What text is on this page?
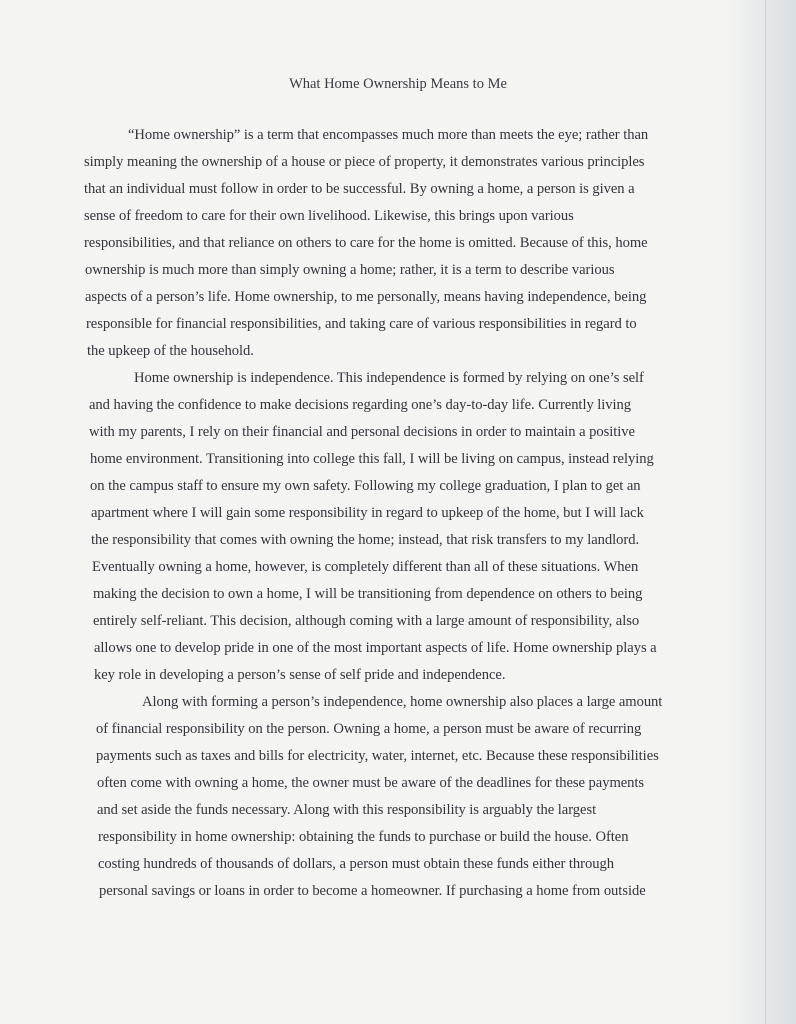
What Home Ownership Means to Me
“Home ownership” is a term that encompasses much more than meets the eye; rather than
simply meaning the ownership of a house or piece of property, it demonstrates various principles
that an individual must follow in order to be successful. By owning a home, a person is given a
sense of freedom to care for their own livelihood. Likewise, this brings upon various
responsibilities, and that reliance on others to care for the home is omitted. Because of this, home
ownership is much more than simply owning a home; rather, it is a term to describe various
aspects of a person’s life. Home ownership, to me personally, means having independence, being
responsible for financial responsibilities, and taking care of various responsibilities in regard to
the upkeep of the household.
Home ownership is independence. This independence is formed by relying on one’s self
and having the confidence to make decisions regarding one’s day-to-day life. Currently living
with my parents, I rely on their financial and personal decisions in order to maintain a positive
home environment. Transitioning into college this fall, I will be living on campus, instead relying
on the campus staff to ensure my own safety. Following my college graduation, I plan to get an
apartment where I will gain some responsibility in regard to upkeep of the home, but I will lack
the responsibility that comes with owning the home; instead, that risk transfers to my landlord.
Eventually owning a home, however, is completely different than all of these situations. When
making the decision to own a home, I will be transitioning from dependence on others to being
entirely self-reliant. This decision, although coming with a large amount of responsibility, also
allows one to develop pride in one of the most important aspects of life. Home ownership plays a
key role in developing a person’s sense of self pride and independence.
Along with forming a person’s independence, home ownership also places a large amount
of financial responsibility on the person. Owning a home, a person must be aware of recurring
payments such as taxes and bills for electricity, water, internet, etc. Because these responsibilities
often come with owning a home, the owner must be aware of the deadlines for these payments
and set aside the funds necessary. Along with this responsibility is arguably the largest
responsibility in home ownership: obtaining the funds to purchase or build the house. Often
costing hundreds of thousands of dollars, a person must obtain these funds either through
personal savings or loans in order to become a homeowner. If purchasing a home from outside
